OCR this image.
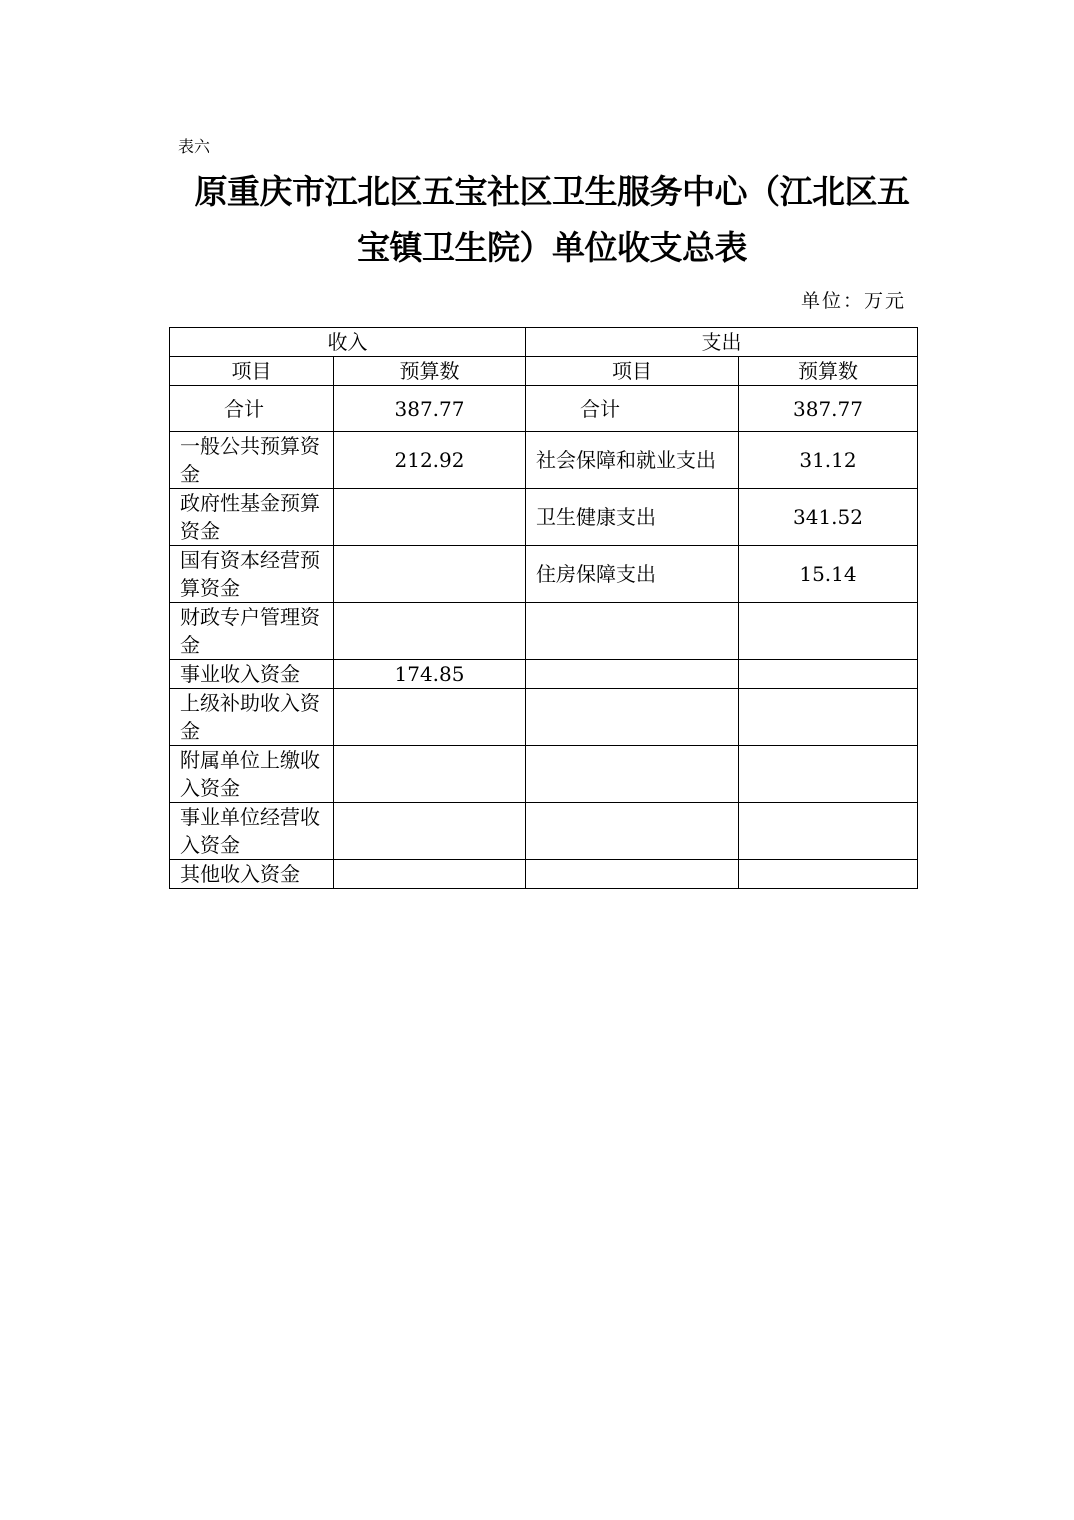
表六
原重庆市江北区五宝社区卫生服务中心（江北区五
宝镇卫生院）单位收支总表
单位：万元
收入		支出	
项目	预算数	项目	预算数
合计	387.77	合计	387.77
一般公共预算资金	212.92	社会保障和就业支出	31.12
政府性基金预算资金		卫生健康支出	341.52
国有资本经营预算资金		住房保障支出	15.14
财政专户管理资金			
事业收入资金	174.85		
上级补助收入资金			
附属单位上缴收入资金			
事业单位经营收入资金			
其他收入资金			
